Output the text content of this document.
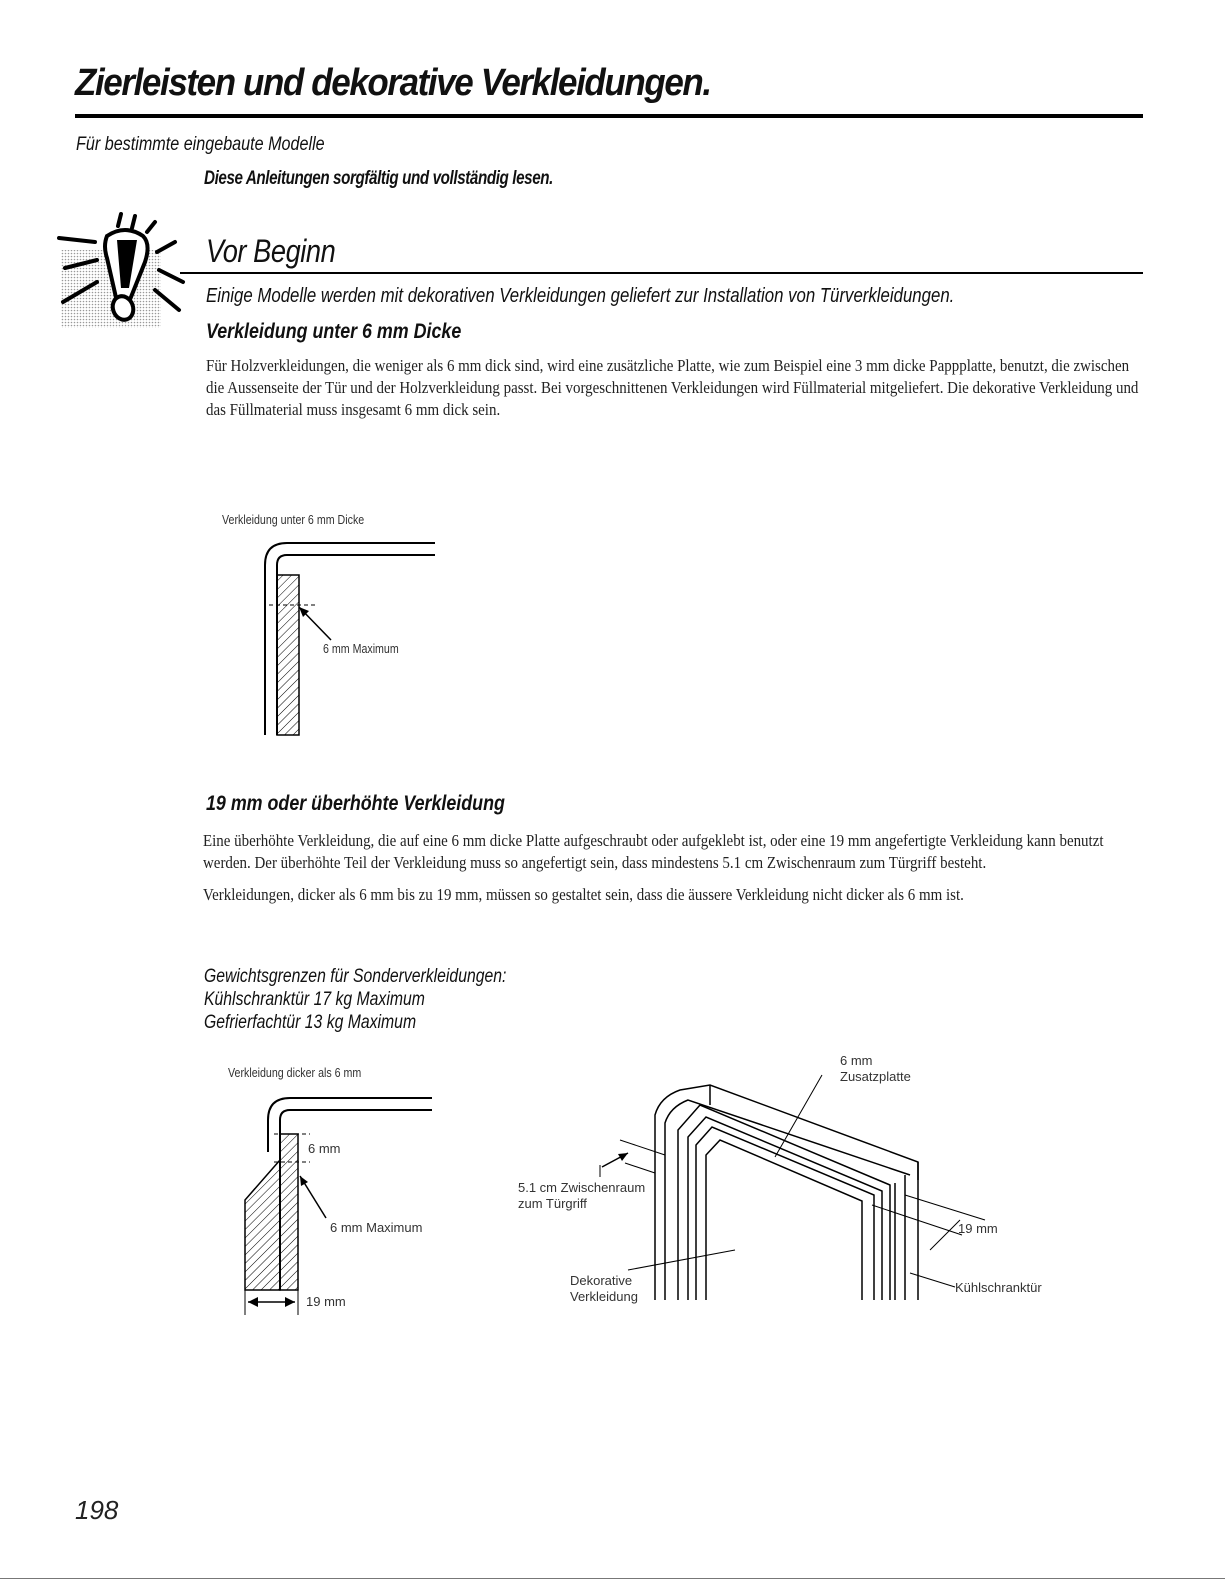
Zierleisten und dekorative Verkleidungen.
Für bestimmte eingebaute Modelle
Diese Anleitungen sorgfältig und vollständig lesen.
Vor Beginn
Einige Modelle werden mit dekorativen Verkleidungen geliefert zur Installation von Türverkleidungen.
Verkleidung unter 6 mm Dicke

Für Holzverkleidungen, die weniger als 6 mm dick sind, wird eine zusätzliche Platte, wie zum Beispiel eine 3 mm dicke Pappplatte, benutzt, die zwischen die Aussenseite der Tür und der Holzverkleidung passt. Bei vorgeschnittenen Verkleidungen wird Füllmaterial mitgeliefert. Die dekorative Verkleidung und das Füllmaterial muss insgesamt 6 mm dick sein.

Verkleidung unter 6 mm Dicke
6 mm Maximum
19 mm oder überhöhte Verkleidung

Eine überhöhte Verkleidung, die auf eine 6 mm dicke Platte aufgeschraubt oder aufgeklebt ist, oder eine 19 mm angefertigte Verkleidung kann benutzt werden. Der überhöhte Teil der Verkleidung muss so angefertigt sein, dass mindestens 5.1 cm Zwischenraum zum Türgriff besteht.

Verkleidungen, dicker als 6 mm bis zu 19 mm, müssen so gestaltet sein, dass die äussere Verkleidung nicht dicker als 6 mm ist.

Gewichtsgrenzen für Sonderverkleidungen:
Kühlschranktür 17 kg Maximum
Gefrierfachtür 13 kg Maximum
Verkleidung dicker als 6 mm
6 mm
6 mm Maximum
19 mm
6 mm
Zusatzplatte
5.1 cm Zwischenraum
zum Türgriff
19 mm
Dekorative
Verkleidung
Kühlschranktür
198
